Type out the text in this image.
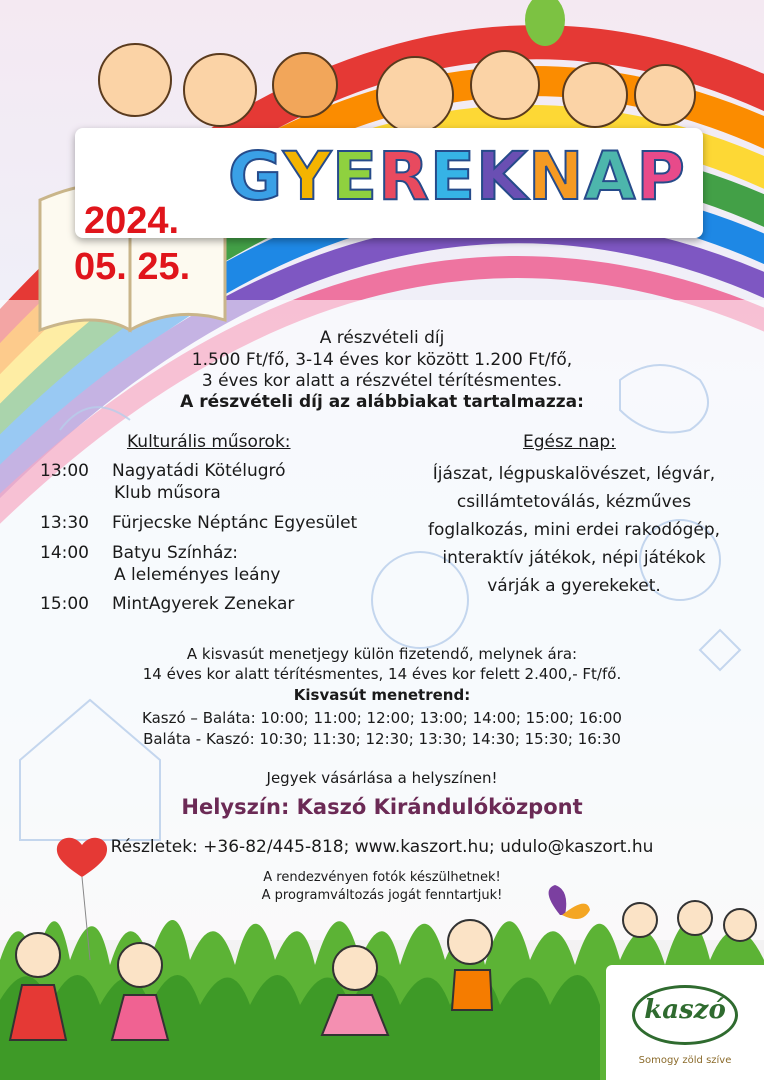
GYEREKNAP
2024.
05. 25.
A részvételi díj
1.500 Ft/fő, 3-14 éves kor között 1.200 Ft/fő,
3 éves kor alatt a részvétel térítésmentes.
A részvételi díj az alábbiakat tartalmazza:
Kulturális műsorok:
13:00 Nagyatádi Kötélugró
Klub műsora
13:30 Fürjecske Néptánc Egyesület
14:00 Batyu Színház:
A leleményes leány
15:00 MintAgyerek Zenekar
Egész nap:
Íjászat, légpuskalövészet, légvár,
csillámtetoválás, kézműves
foglalkozás, mini erdei rakodógép,
interaktív játékok, népi játékok
várják a gyerekeket.
A kisvasút menetjegy külön fizetendő, melynek ára:
14 éves kor alatt térítésmentes, 14 éves kor felett 2.400,- Ft/fő.
Kisvasút menetrend:
Kaszó – Baláta: 10:00; 11:00; 12:00; 13:00; 14:00; 15:00; 16:00
Baláta - Kaszó: 10:30; 11:30; 12:30; 13:30; 14:30; 15:30; 16:30
Jegyek vásárlása a helyszínen!
Helyszín: Kaszó Kirándulóközpont
Részletek: +36-82/445-818; www.kaszort.hu; udulo@kaszort.hu
A rendezvényen fotók készülhetnek!
A programváltozás jogát fenntartjuk!
kaszó
Somogy zöld szíve
